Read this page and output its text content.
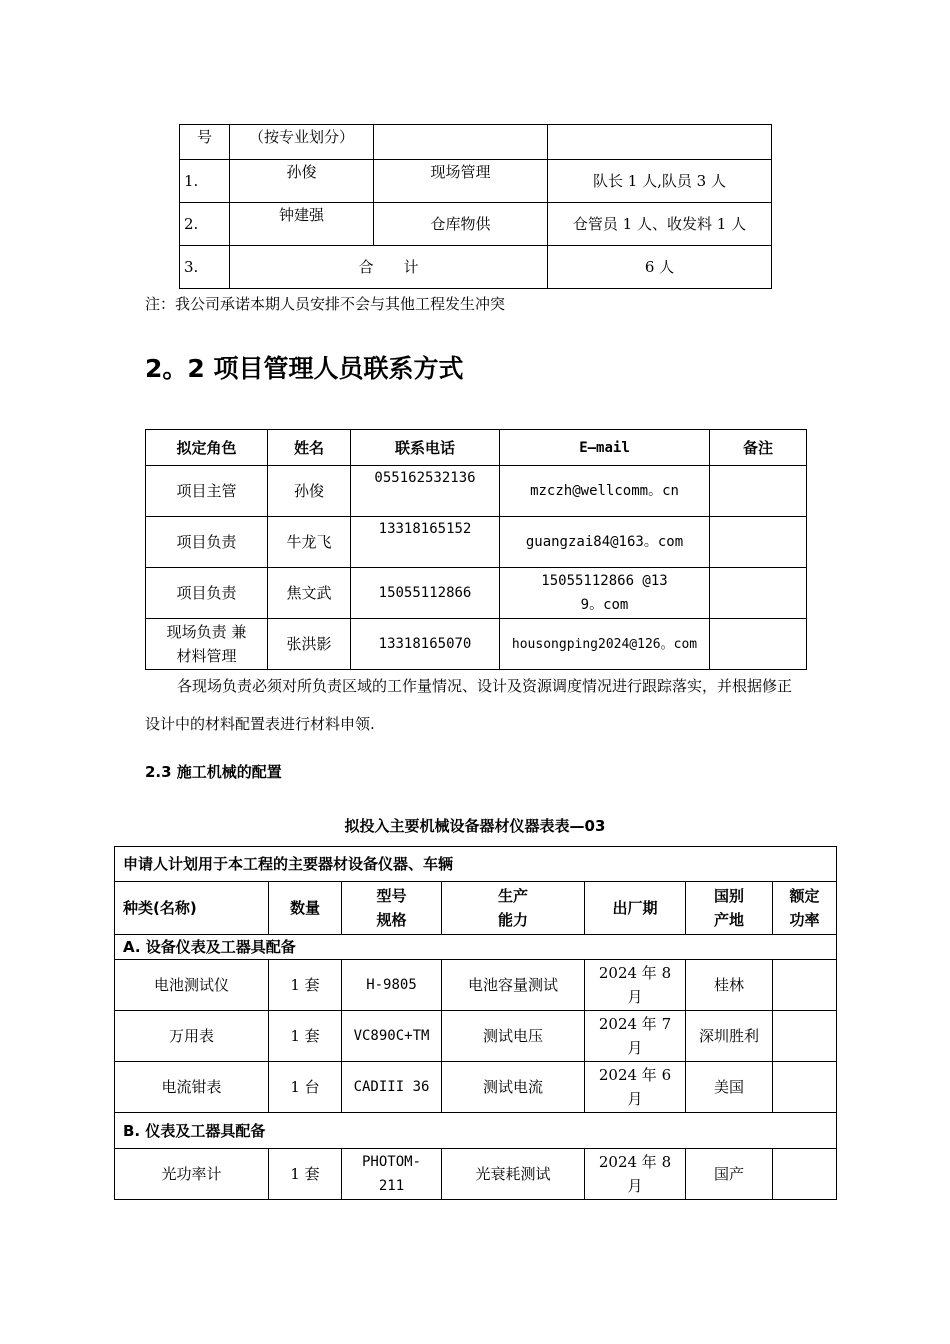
号	（按专业划分）		
1.	孙俊	现场管理	队长 1 人,队员 3 人
2.	钟建强	仓库物供	仓管员 1 人、收发料 1 人
3.	合　　计		6 人

注：我公司承诺本期人员安排不会与其他工程发生冲突

2。2 项目管理人员联系方式

拟定角色	姓名	联系电话	E—mail	备注
项目主管	孙俊	055162532136	mzczh@wellcomm。cn	
项目负责	牛龙飞	13318165152	guangzai84@163。com	
项目负责	焦文武	15055112866	15055112866 @139。com	
现场负责 兼材料管理	张洪影	13318165070	housongping2024@126。com	

各现场负责必须对所负责区域的工作量情况、设计及资源调度情况进行跟踪落实，并根据修正设计中的材料配置表进行材料申领.

2.3 施工机械的配置

拟投入主要机械设备器材仪器表表—03

申请人计划用于本工程的主要器材设备仪器、车辆						
种类(名称)	数量	型号 规格	生产 能力	出厂期	国别 产地	额定 功率
A. 设备仪表及工器具配备						
电池测试仪	1 套	H-9805	电池容量测试	2024 年 8 月	桂林	
万用表	1 套	VC890C+TM	测试电压	2024 年 7 月	深圳胜利	
电流钳表	1 台	CADIII 36	测试电流	2024 年 6 月	美国	
B. 仪表及工器具配备						
光功率计	1 套	PHOTOM-211	光衰耗测试	2024 年 8 月	国产	
